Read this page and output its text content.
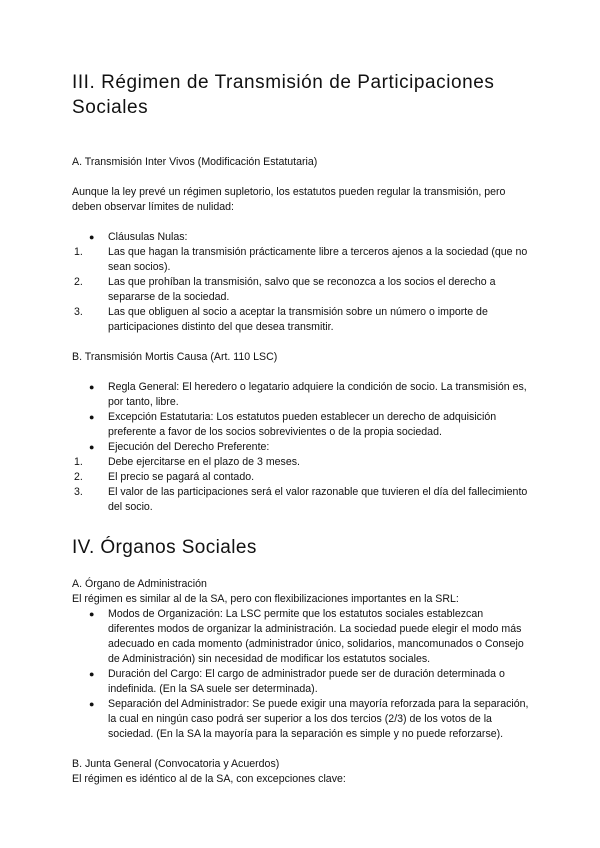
III. Régimen de Transmisión de Participaciones Sociales

A. Transmisión Inter Vivos (Modificación Estatutaria)

Aunque la ley prevé un régimen supletorio, los estatutos pueden regular la transmisión, pero deben observar límites de nulidad:

● Cláusulas Nulas:
1. Las que hagan la transmisión prácticamente libre a terceros ajenos a la sociedad (que no sean socios).
2. Las que prohíban la transmisión, salvo que se reconozca a los socios el derecho a separarse de la sociedad.
3. Las que obliguen al socio a aceptar la transmisión sobre un número o importe de participaciones distinto del que desea transmitir.

B. Transmisión Mortis Causa (Art. 110 LSC)

● Regla General: El heredero o legatario adquiere la condición de socio. La transmisión es, por tanto, libre.
● Excepción Estatutaria: Los estatutos pueden establecer un derecho de adquisición preferente a favor de los socios sobrevivientes o de la propia sociedad.
● Ejecución del Derecho Preferente:
1. Debe ejercitarse en el plazo de 3 meses.
2. El precio se pagará al contado.
3. El valor de las participaciones será el valor razonable que tuvieren el día del fallecimiento del socio.
IV. Órganos Sociales

A. Órgano de Administración

El régimen es similar al de la SA, pero con flexibilizaciones importantes en la SRL:

● Modos de Organización: La LSC permite que los estatutos sociales establezcan diferentes modos de organizar la administración. La sociedad puede elegir el modo más adecuado en cada momento (administrador único, solidarios, mancomunados o Consejo de Administración) sin necesidad de modificar los estatutos sociales.
● Duración del Cargo: El cargo de administrador puede ser de duración determinada o indefinida. (En la SA suele ser determinada).
● Separación del Administrador: Se puede exigir una mayoría reforzada para la separación, la cual en ningún caso podrá ser superior a los dos tercios (2/3) de los votos de la sociedad. (En la SA la mayoría para la separación es simple y no puede reforzarse).

B. Junta General (Convocatoria y Acuerdos)

El régimen es idéntico al de la SA, con excepciones clave:
